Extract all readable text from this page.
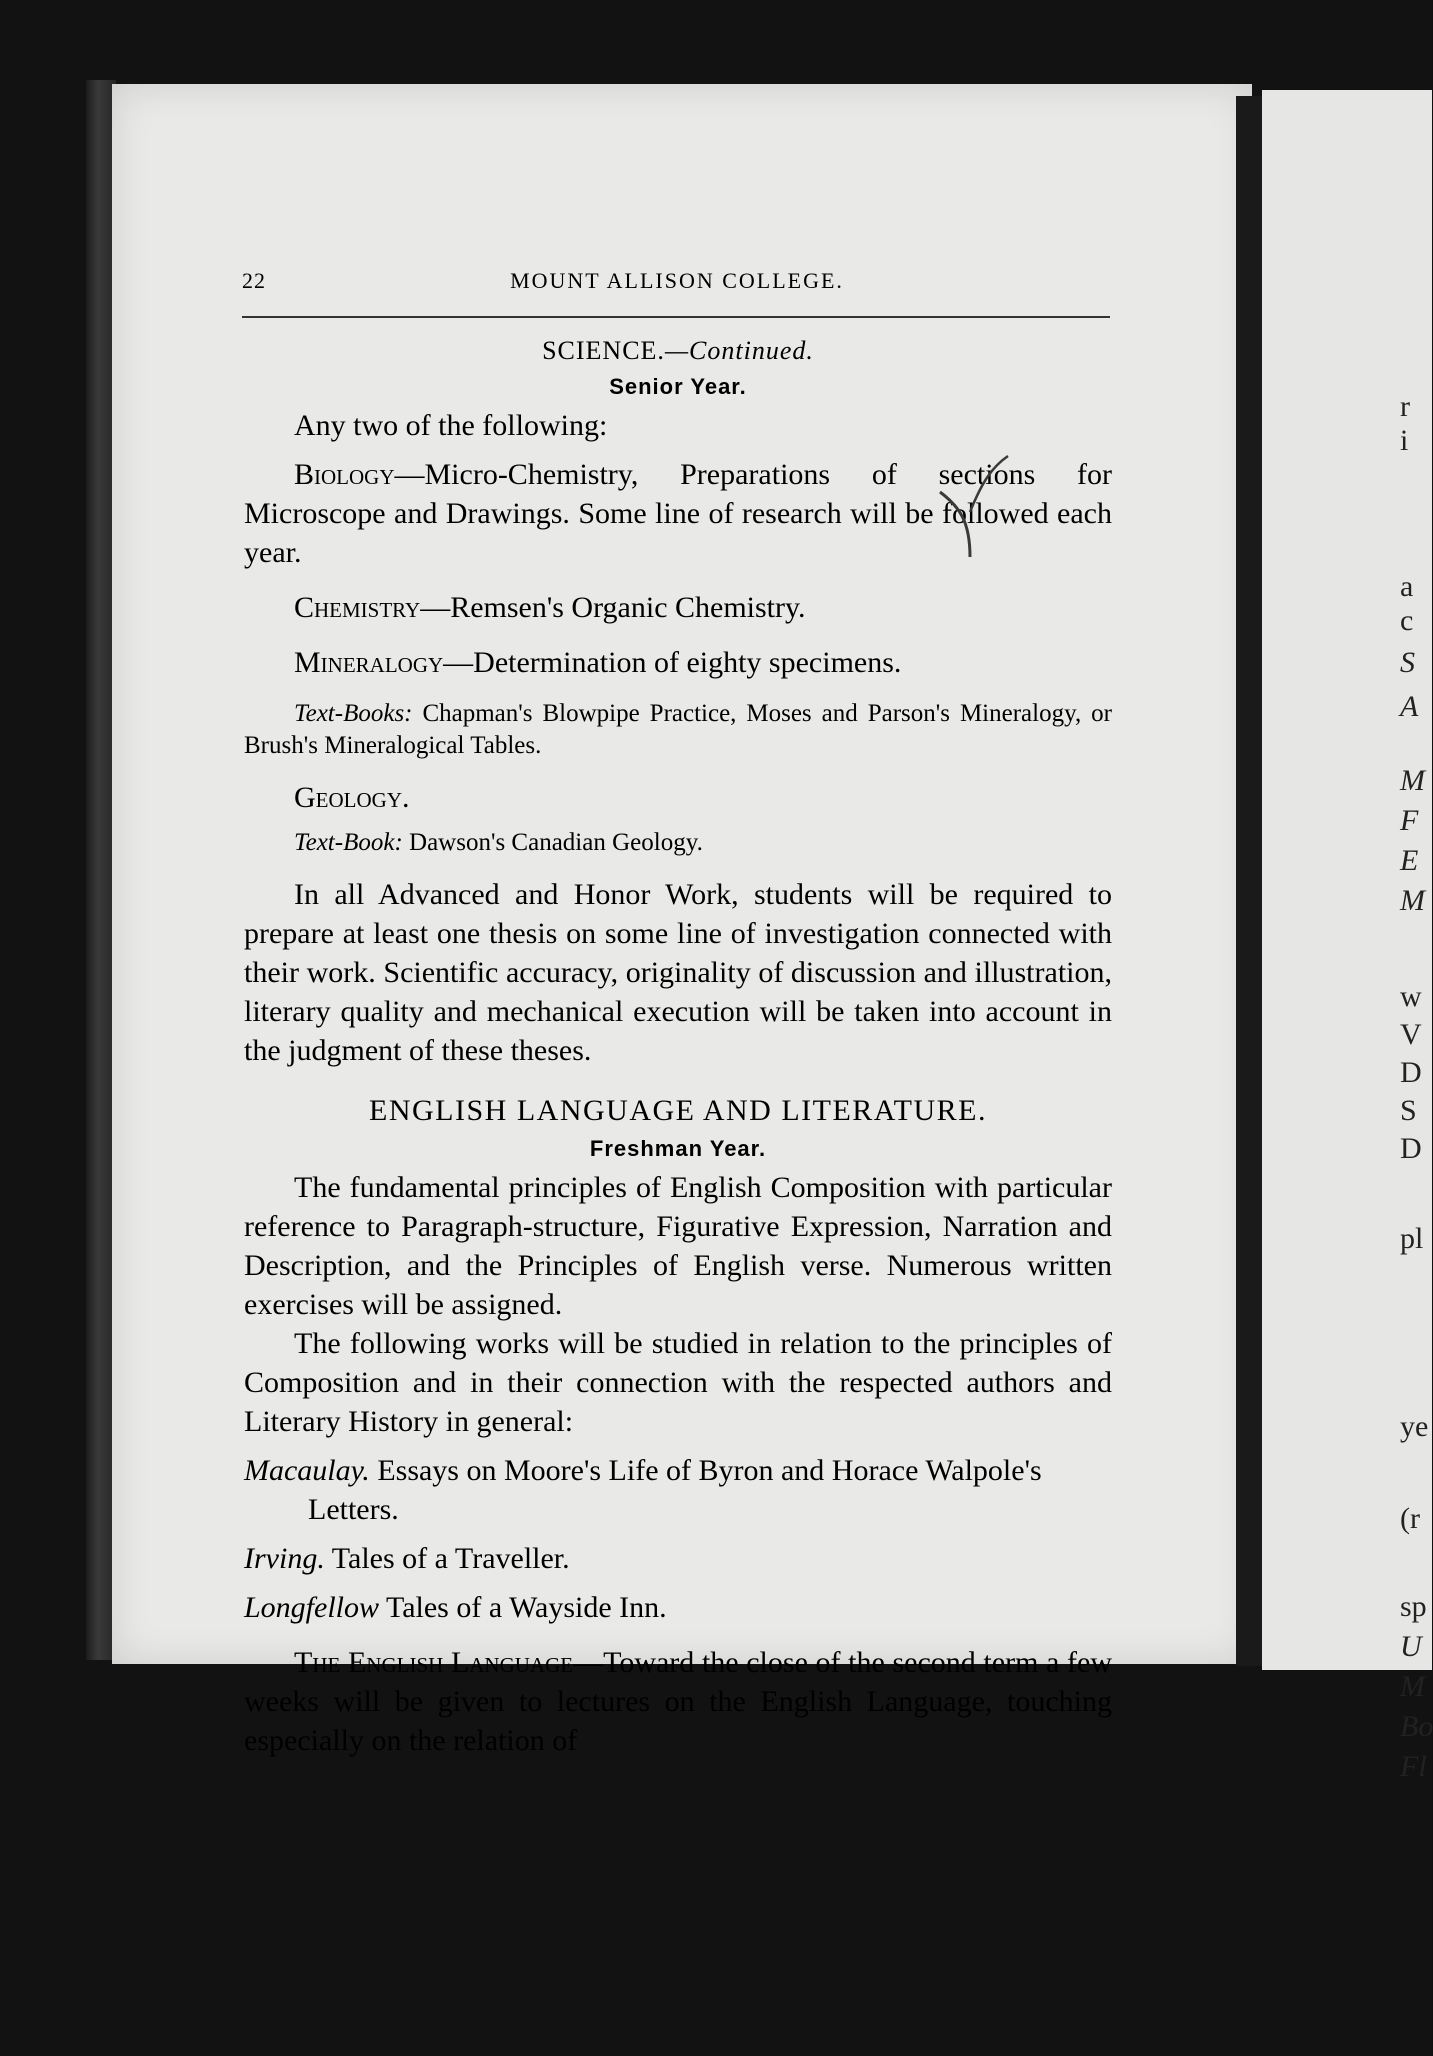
22	MOUNT ALLISON COLLEGE.
SCIENCE.—Continued.
Senior Year.

Any two of the following:

Biology—Micro-Chemistry, Preparations of sections for Microscope and Drawings. Some line of research will be followed each year.

Chemistry—Remsen's Organic Chemistry.

Mineralogy—Determination of eighty specimens.

Text-Books: Chapman's Blowpipe Practice, Moses and Parson's Mineralogy, or Brush's Mineralogical Tables.

Geology.

Text-Book: Dawson's Canadian Geology.

In all Advanced and Honor Work, students will be required to prepare at least one thesis on some line of investigation connected with their work. Scientific accuracy, originality of discussion and illustration, literary quality and mechanical execution will be taken into account in the judgment of these theses.

ENGLISH LANGUAGE AND LITERATURE.
Freshman Year.

The fundamental principles of English Composition with particular reference to Paragraph-structure, Figurative Expression, Narration and Description, and the Principles of English verse. Numerous written exercises will be assigned.

The following works will be studied in relation to the principles of Composition and in their connection with the respected authors and Literary History in general:

Macaulay. Essays on Moore's Life of Byron and Horace Walpole's Letters.

Irving. Tales of a Traveller.

Longfellow Tales of a Wayside Inn.

The English Language—Toward the close of the second term a few weeks will be given to lectures on the English Language, touching especially on the relation of

r
i
a
c
S
A
M
F
E
M
w
V
D
S
D
pl
ye
(r
sp
U
M
Bo
Fl
